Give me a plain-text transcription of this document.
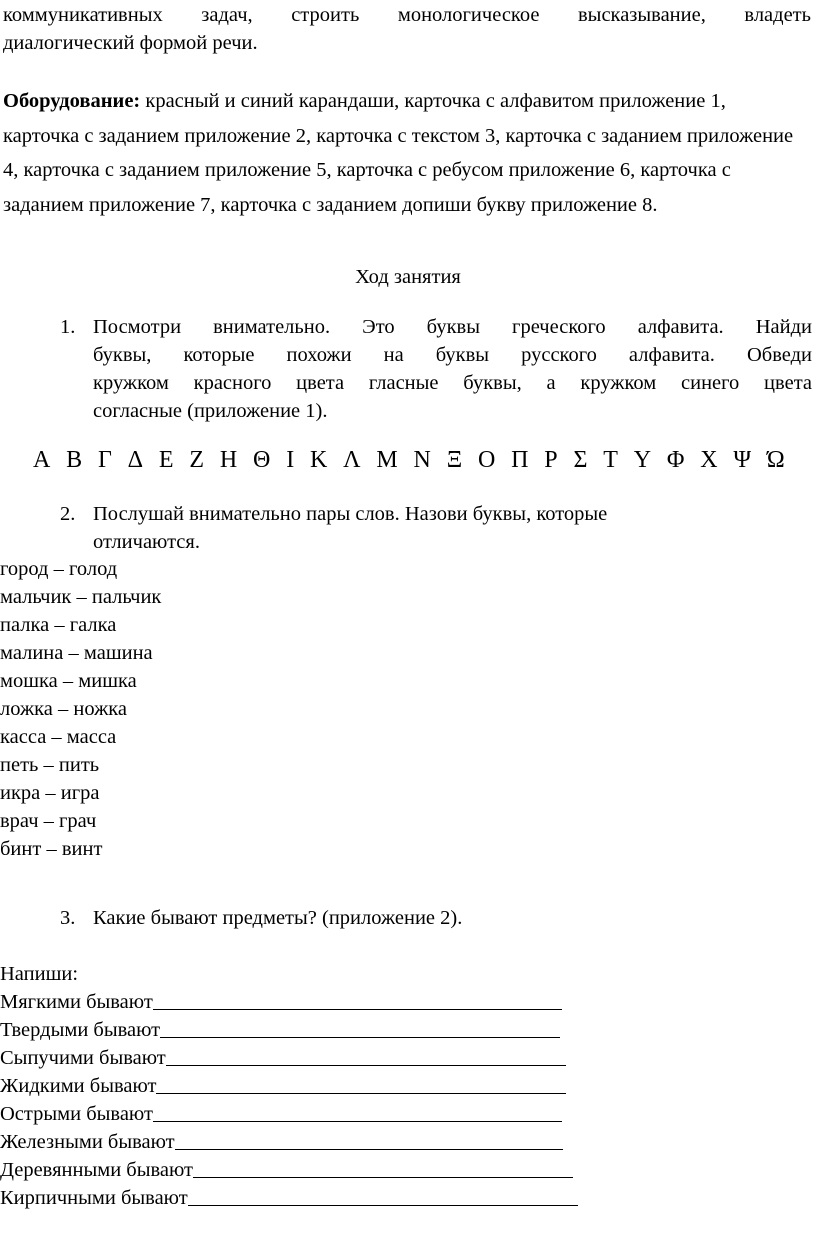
коммуникативных задач, строить монологическое высказывание, владеть
диалогический формой речи.
Оборудование: красный и синий карандаши, карточка с алфавитом приложение 1, карточка с заданием приложение 2, карточка с текстом 3, карточка с заданием приложение 4, карточка с заданием приложение 5, карточка с ребусом приложение 6, карточка с заданием приложение 7, карточка с заданием допиши букву приложение 8.
Ход занятия
1. Посмотри внимательно. Это буквы греческого алфавита. Найди
буквы, которые похожи на буквы русского алфавита. Обведи
кружком красного цвета гласные буквы, а кружком синего цвета
согласные (приложение 1).
Α Β Γ Δ Ε Ζ Η Θ Ι Κ Λ Μ Ν Ξ Ο Π Ρ Σ Τ Υ Φ Χ Ψ Ώ
2. Послушай внимательно пары слов. Назови буквы, которые
отличаются.
город – голод
мальчик – пальчик
палка – галка
малина – машина
мошка – мишка
ложка – ножка
касса – масса
петь – пить
икра – игра
врач – грач
бинт – винт
3. Какие бывают предметы? (приложение 2).
Напиши:
Мягкими бывают
Твердыми бывают
Сыпучими бывают
Жидкими бывают
Острыми бывают
Железными бывают
Деревянными бывают
Кирпичными бывают
